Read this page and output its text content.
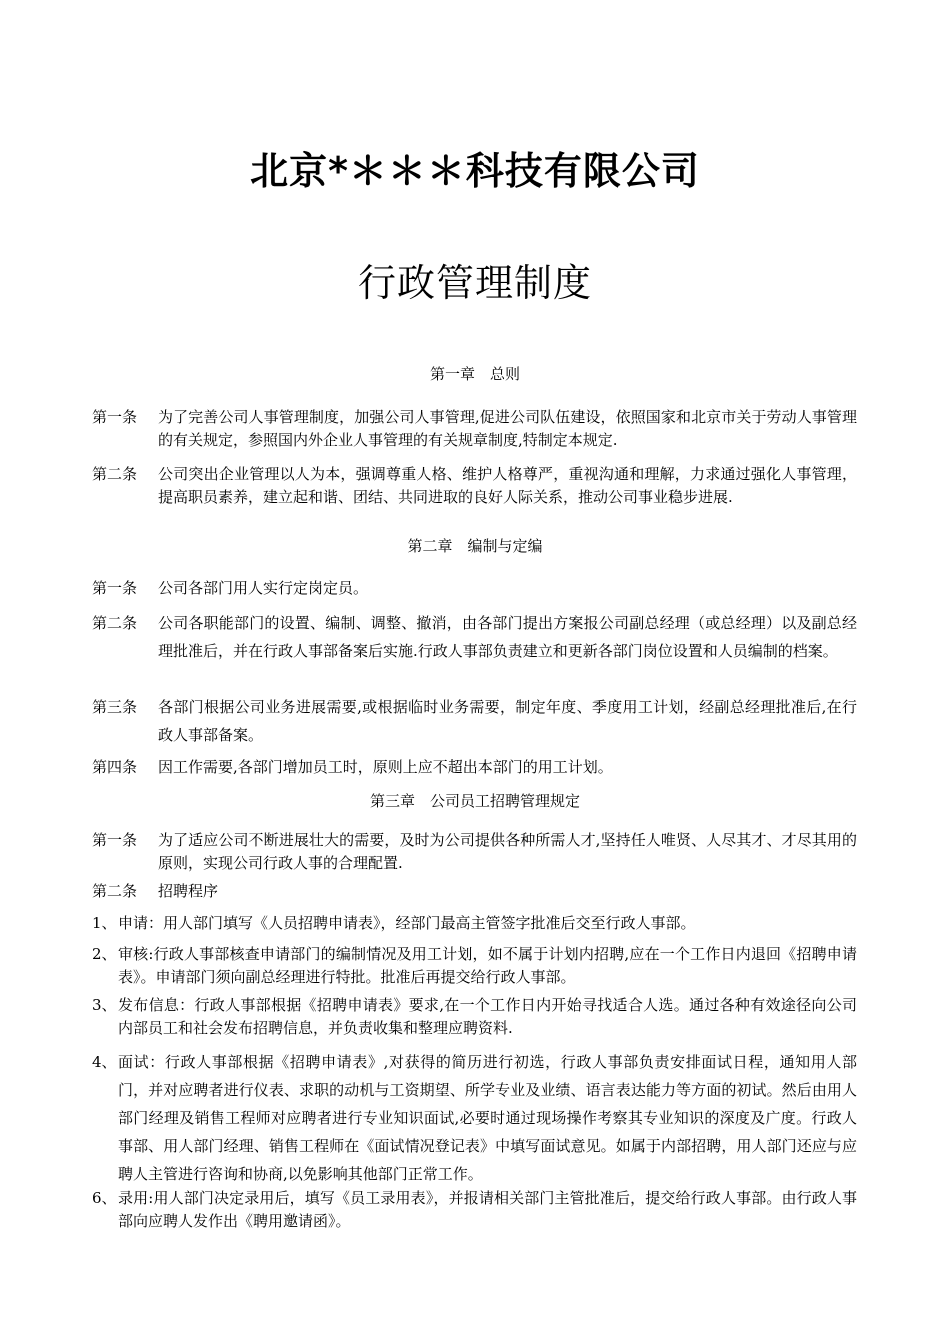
北京*＊＊＊科技有限公司
行政管理制度
第一章　总则
第一条	为了完善公司人事管理制度，加强公司人事管理,促进公司队伍建设，依照国家和北京市关于劳动人事管理的有关规定，参照国内外企业人事管理的有关规章制度,特制定本规定.
第二条	公司突出企业管理以人为本，强调尊重人格、维护人格尊严，重视沟通和理解，力求通过强化人事管理，提高职员素养，建立起和谐、团结、共同进取的良好人际关系，推动公司事业稳步进展.
第二章　编制与定编
第一条	公司各部门用人实行定岗定员。
第二条	公司各职能部门的设置、编制、调整、撤消，由各部门提出方案报公司副总经理（或总经理）以及副总经理批准后，并在行政人事部备案后实施.行政人事部负责建立和更新各部门岗位设置和人员编制的档案。
第三条	各部门根据公司业务进展需要,或根据临时业务需要，制定年度、季度用工计划，经副总经理批准后,在行政人事部备案。
第四条	因工作需要,各部门增加员工时，原则上应不超出本部门的用工计划。
第三章　公司员工招聘管理规定
第一条	为了适应公司不断进展壮大的需要，及时为公司提供各种所需人才,坚持任人唯贤、人尽其才、才尽其用的原则，实现公司行政人事的合理配置.
第二条	招聘程序
1、 申请：用人部门填写《人员招聘申请表》，经部门最高主管签字批准后交至行政人事部。
2、 审核:行政人事部核查申请部门的编制情况及用工计划，如不属于计划内招聘,应在一个工作日内退回《招聘申请表》。申请部门须向副总经理进行特批。批准后再提交给行政人事部。
3、 发布信息：行政人事部根据《招聘申请表》要求,在一个工作日内开始寻找适合人选。通过各种有效途径向公司内部员工和社会发布招聘信息，并负责收集和整理应聘资料.
4、 面试：行政人事部根据《招聘申请表》,对获得的简历进行初选，行政人事部负责安排面试日程，通知用人部门，并对应聘者进行仪表、求职的动机与工资期望、所学专业及业绩、语言表达能力等方面的初试。然后由用人部门经理及销售工程师对应聘者进行专业知识面试,必要时通过现场操作考察其专业知识的深度及广度。行政人事部、用人部门经理、销售工程师在《面试情况登记表》中填写面试意见。如属于内部招聘，用人部门还应与应聘人主管进行咨询和协商,以免影响其他部门正常工作。
6、 录用:用人部门决定录用后，填写《员工录用表》，并报请相关部门主管批准后，提交给行政人事部。由行政人事部向应聘人发作出《聘用邀请函》。
